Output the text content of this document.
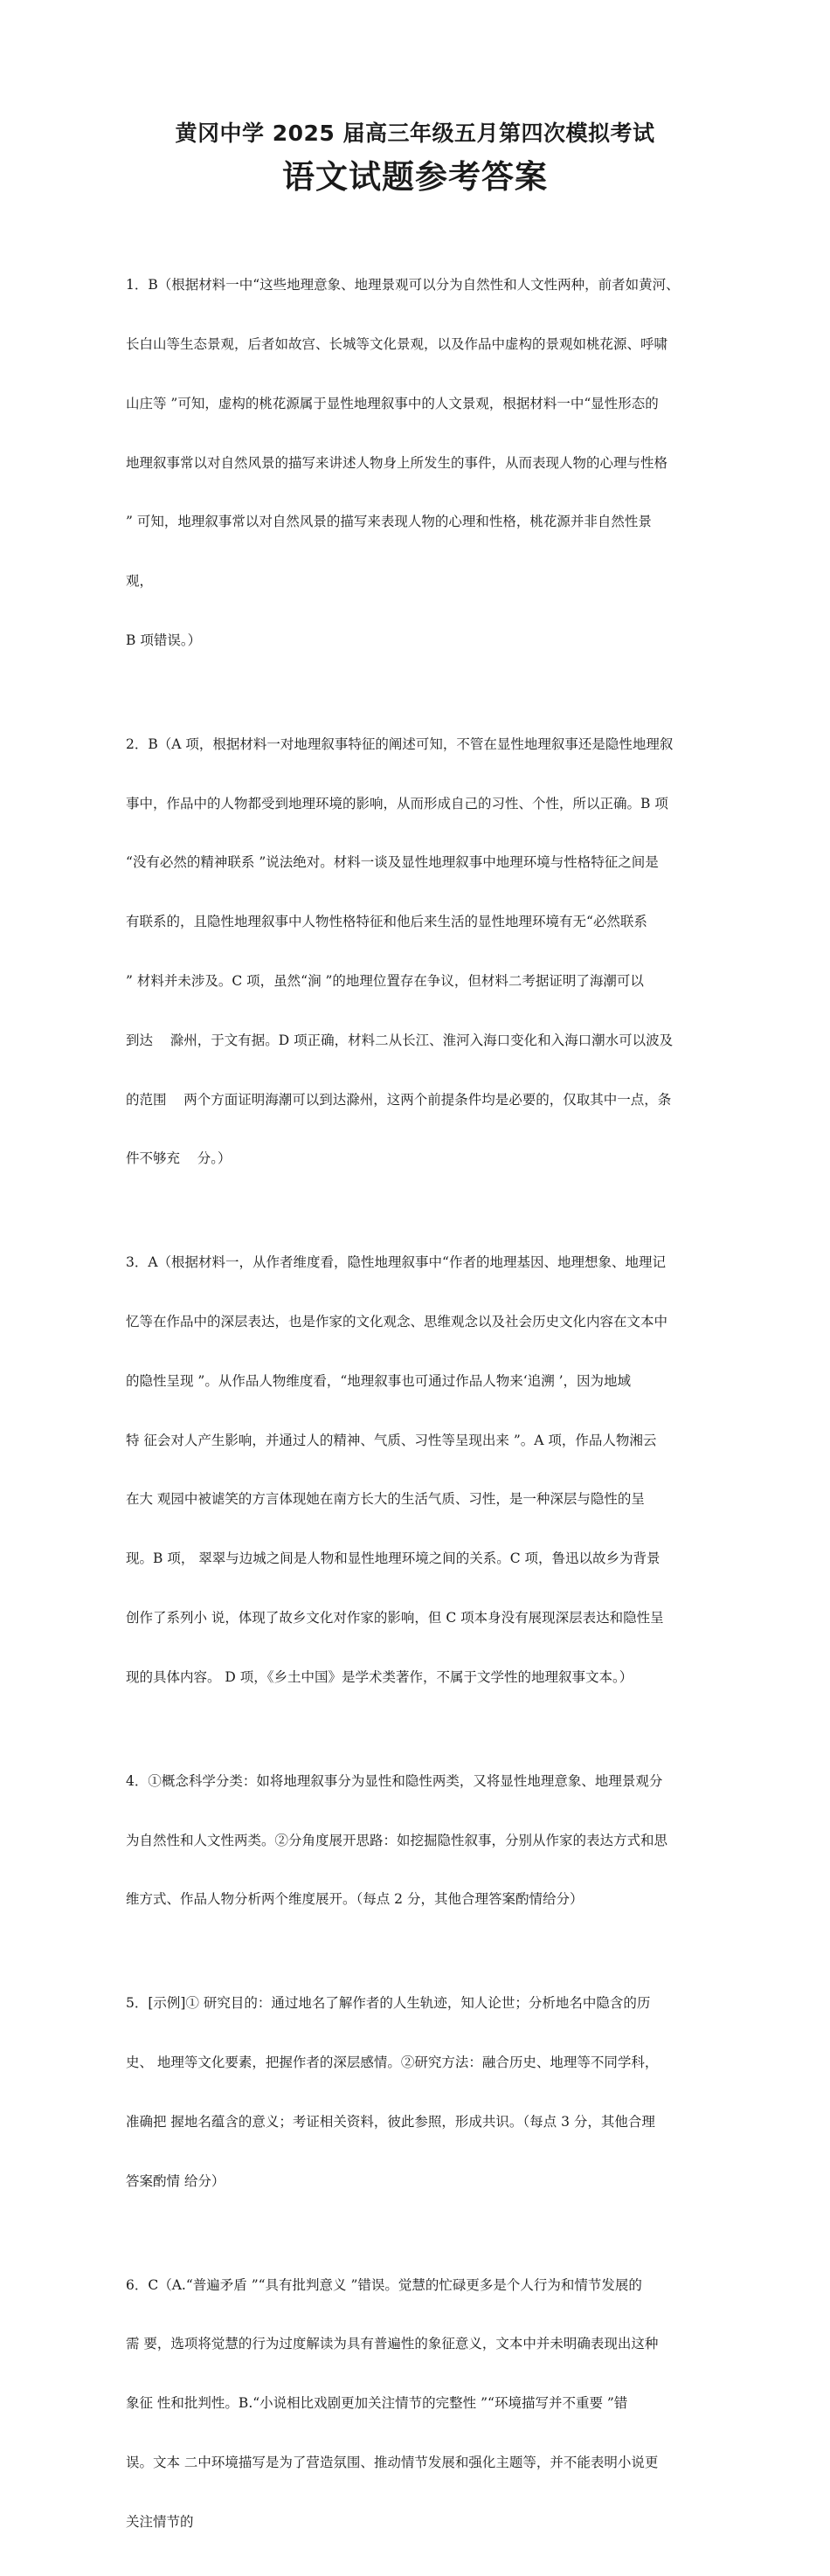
黄冈中学 2025 届高三年级五月第四次模拟考试
语文试题参考答案

1．B（根据材料一中“这些地理意象、地理景观可以分为自然性和人文性两种，前者如黄河、

长白山等生态景观，后者如故宫、长城等文化景观，以及作品中虚构的景观如桃花源、呼啸

山庄等 ”可知，虚构的桃花源属于显性地理叙事中的人文景观，根据材料一中“显性形态的

地理叙事常以对自然风景的描写来讲述人物身上所发生的事件，从而表现人物的心理与性格

” 可知，地理叙事常以对自然风景的描写来表现人物的心理和性格，桃花源并非自然性景

观，

B 项错误。）

2．B（A 项，根据材料一对地理叙事特征的阐述可知，不管在显性地理叙事还是隐性地理叙

事中，作品中的人物都受到地理环境的影响，从而形成自己的习性、个性，所以正确。B 项

“没有必然的精神联系 ”说法绝对。材料一谈及显性地理叙事中地理环境与性格特征之间是

有联系的，且隐性地理叙事中人物性格特征和他后来生活的显性地理环境有无“必然联系

” 材料并未涉及。C 项，虽然“涧 ”的地理位置存在争议，但材料二考据证明了海潮可以

到达    滁州，于文有据。D 项正确，材料二从长江、淮河入海口变化和入海口潮水可以波及

的范围    两个方面证明海潮可以到达滁州，这两个前提条件均是必要的，仅取其中一点，条

件不够充    分。）

3．A（根据材料一，从作者维度看，隐性地理叙事中“作者的地理基因、地理想象、地理记

忆等在作品中的深层表达，也是作家的文化观念、思维观念以及社会历史文化内容在文本中

的隐性呈现 ”。从作品人物维度看，“地理叙事也可通过作品人物来‘追溯 ’，因为地域

特 征会对人产生影响，并通过人的精神、气质、习性等呈现出来 ”。A 项，作品人物湘云

在大 观园中被谑笑的方言体现她在南方长大的生活气质、习性，是一种深层与隐性的呈

现。B 项， 翠翠与边城之间是人物和显性地理环境之间的关系。C 项，鲁迅以故乡为背景

创作了系列小 说，体现了故乡文化对作家的影响，但 C 项本身没有展现深层表达和隐性呈

现的具体内容。 D 项，《乡土中国》是学术类著作，不属于文学性的地理叙事文本。）

4．①概念科学分类：如将地理叙事分为显性和隐性两类，又将显性地理意象、地理景观分

为自然性和人文性两类。②分角度展开思路：如挖掘隐性叙事，分别从作家的表达方式和思

维方式、作品人物分析两个维度展开。（每点 2 分，其他合理答案酌情给分）

5．[示例]① 研究目的：通过地名了解作者的人生轨迹，知人论世；分析地名中隐含的历

史、 地理等文化要素，把握作者的深层感情。②研究方法：融合历史、地理等不同学科，

准确把 握地名蕴含的意义；考证相关资料，彼此参照，形成共识。（每点 3 分，其他合理

答案酌情 给分）

6．C（A.“普遍矛盾 ”“具有批判意义 ”错误。觉慧的忙碌更多是个人行为和情节发展的

需 要，选项将觉慧的行为过度解读为具有普遍性的象征意义，文本中并未明确表现出这种

象征 性和批判性。B.“小说相比戏剧更加关注情节的完整性 ”“环境描写并不重要 ”错

误。文本 二中环境描写是为了营造氛围、推动情节发展和强化主题等，并不能表明小说更

关注情节的
